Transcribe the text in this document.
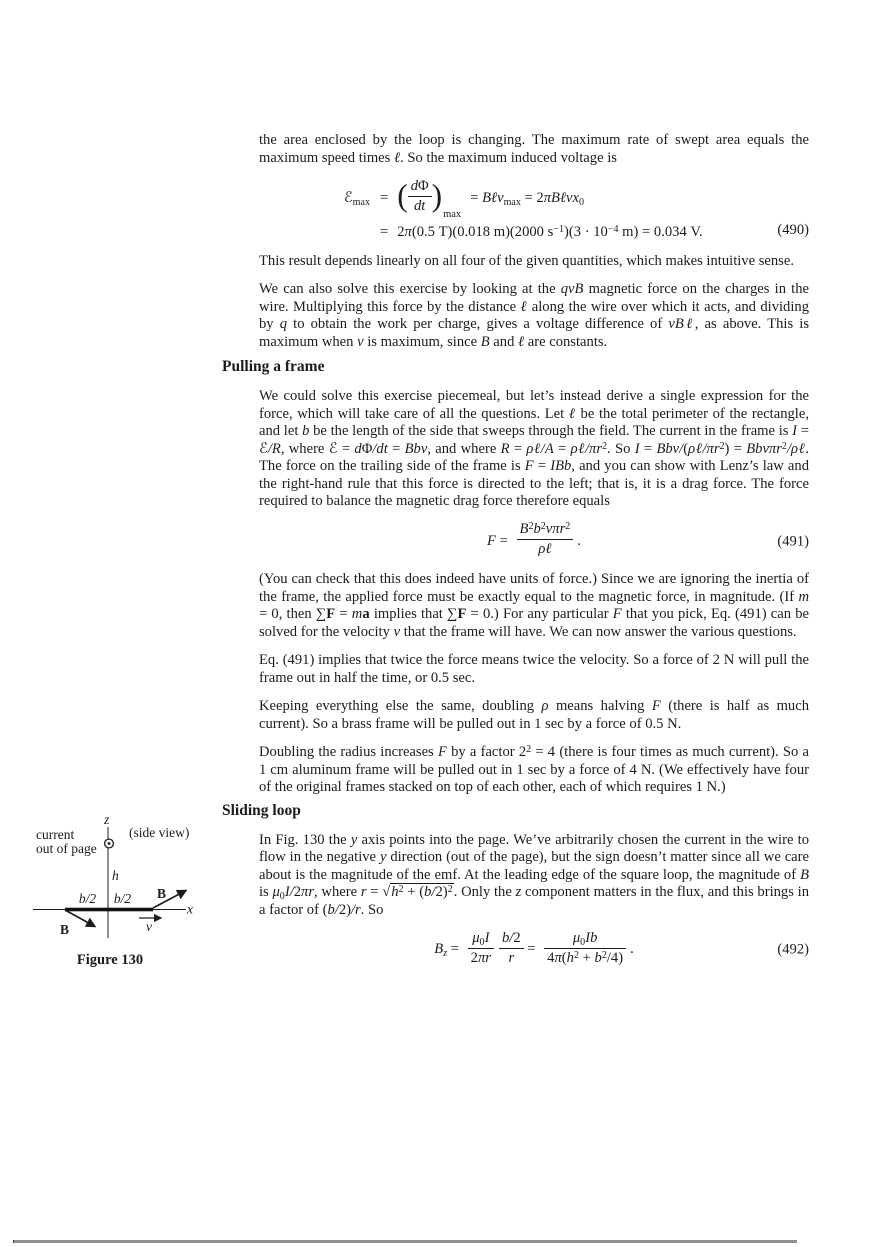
the area enclosed by the loop is changing. The maximum rate of swept area equals the maximum speed times ℓ. So the maximum induced voltage is

ℰ$_{max}$ = ( $\frac{d\Phi}{dt} )\max=$ Bℓv$_{max}$ = 2πBℓνx$_0$
= 2π(0.5 T)(0.018 m)(2000 $s^{-1})(3 \cdot 10^{-4}$ m) = 0.034 V.	(490)

This result depends linearly on all four of the given quantities, which makes intuitive sense.

We can also solve this exercise by looking at the qvB magnetic force on the charges in the wire. Multiplying this force by the distance ℓ along the wire over which it acts, and dividing by q to obtain the work per charge, gives a voltage difference of vBℓ, as above. This is maximum when v is maximum, since B and ℓ are constants.

Pulling a frame

We could solve this exercise piecemeal, but let’s instead derive a single expression for the force, which will take care of all the questions. Let ℓ be the total perimeter of the rectangle, and let b be the length of the side that sweeps through the field. The current in the frame is I = ℰ/R, where ℰ = dΦ/dt = Bbv, and where R = ρℓ/A = $\rho\ell/\pi r^2$. So I = Bbv/$(\rho\ell/\pi r^2)$ = Bbvπr$^2$/ρℓ. The force on the trailing side of the frame is F = IBb, and you can show with Lenz’s law and the right-hand rule that this force is directed to the left; that is, it is a drag force. The force required to balance the magnetic drag force therefore equals

$F = \frac{B^2b^2v\pi r^2}{\text{ρℓ}}$ .	(491)

(You can check that this does indeed have units of force.) Since we are ignoring the inertia of the frame, the applied force must be exactly equal to the magnetic force, in magnitude. (If m = 0, then ∑F = ma implies that ∑F = 0.) For any particular F that you pick, Eq. (491) can be solved for the velocity v that the frame will have. We can now answer the various questions.

Eq. (491) implies that twice the force means twice the velocity. So a force of 2 N will pull the frame out in half the time, or 0.5 sec.

Keeping everything else the same, doubling ρ means halving F (there is half as much current). So a brass frame will be pulled out in 1 sec by a force of 0.5 N.

Doubling the radius increases F by a factor $2^2 = 4$ (there is four times as much current). So a 1 cm aluminum frame will be pulled out in 1 sec by a force of 4 N. (We effectively have four of the original frames stacked on top of each other, each of which requires 1 N.)

Sliding loop

In Fig. 130 the y axis points into the page. We’ve arbitrarily chosen the current in the wire to flow in the negative y direction (out of the page), but the sign doesn’t matter since all we care about is the magnitude of the emf. At the leading edge of the square loop, the magnitude of B is $\mu_0I/2\pi r$, where $r = √h^2 + (b/2)^2$. Only the z component matters in the flux, and this brings in a factor of (b/2)/r. So

$B_z = \frac{\mu_0I}{2\pi r} \frac{b/2}{r} = \frac{\mu_0Ib}{4\pi(h^2 + b^2/4)}$ .	(492)
z
x
current
out of page
(side view)
h
b/2 b/2 B
B	v
Figure 130
